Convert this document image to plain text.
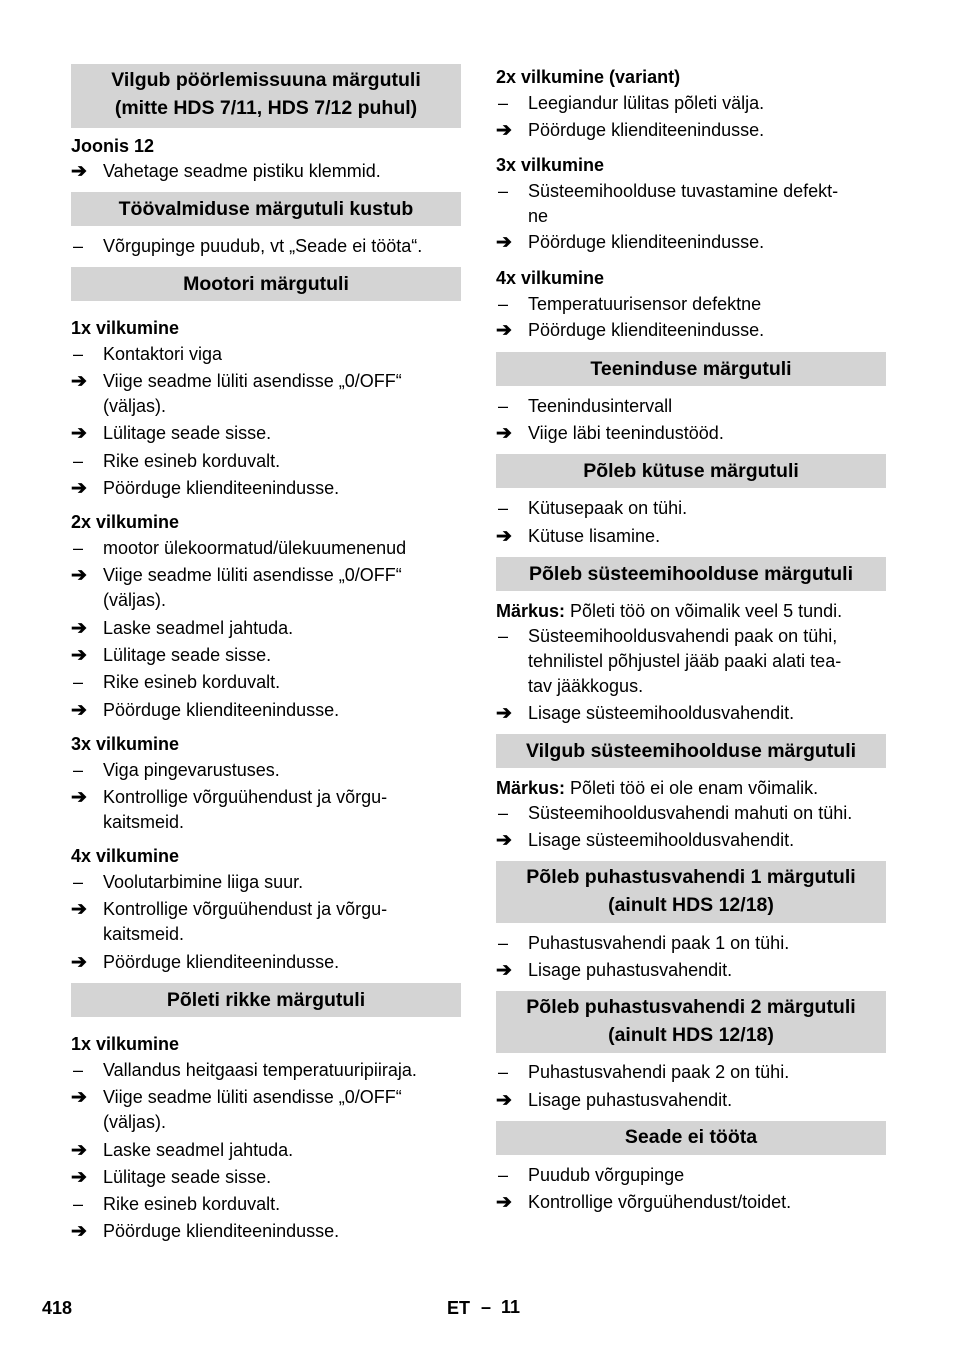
Vilgub pöörlemissuuna märgutuli
(mitte HDS 7/11, HDS 7/12 puhul)
Joonis 12
➔ Vahetage seadme pistiku klemmid.
Töövalmiduse märgutuli kustub
–	Võrgupinge puudub, vt „Seade ei tööta“.
Mootori märgutuli
1x vilkumine
–	Kontaktori viga
➔ Viige seadme lüliti asendisse „0/OFF“
(väljas).
➔ Lülitage seade sisse.
–	Rike esineb korduvalt.
➔ Pöörduge klienditeenindusse.
2x vilkumine
–	mootor ülekoormatud/ülekuumenenud
➔ Viige seadme lüliti asendisse „0/OFF“
(väljas).
➔ Laske seadmel jahtuda.
➔ Lülitage seade sisse.
–	Rike esineb korduvalt.
➔ Pöörduge klienditeenindusse.
3x vilkumine
–	Viga pingevarustuses.
➔ Kontrollige võrguühendust ja võrgu-
kaitsmeid.
4x vilkumine
–	Voolutarbimine liiga suur.
➔ Kontrollige võrguühendust ja võrgu-
kaitsmeid.
➔ Pöörduge klienditeenindusse.
Põleti rikke märgutuli
1x vilkumine
–	Vallandus heitgaasi temperatuuripiiraja.
➔ Viige seadme lüliti asendisse „0/OFF“
(väljas).
➔ Laske seadmel jahtuda.
➔ Lülitage seade sisse.
–	Rike esineb korduvalt.
➔ Pöörduge klienditeenindusse.
2x vilkumine (variant)
–	Leegiandur lülitas põleti välja.
➔ Pöörduge klienditeenindusse.
3x vilkumine
–	Süsteemihoolduse tuvastamine defekt-
ne
➔ Pöörduge klienditeenindusse.
4x vilkumine
–	Temperatuurisensor defektne
➔ Pöörduge klienditeenindusse.
Teeninduse märgutuli
–	Teenindusintervall
➔ Viige läbi teenindustööd.
Põleb kütuse märgutuli
–	Kütusepaak on tühi.
➔ Kütuse lisamine.
Põleb süsteemihoolduse märgutuli
Märkus: Põleti töö on võimalik veel 5 tundi.
–	Süsteemihooldusvahendi paak on tühi,
tehnilistel põhjustel jääb paaki alati tea-
tav jääkkogus.
➔ Lisage süsteemihooldusvahendit.
Vilgub süsteemihoolduse märgutuli
Märkus: Põleti töö ei ole enam võimalik.
–	Süsteemihooldusvahendi mahuti on tühi.
➔ Lisage süsteemihooldusvahendit.
Põleb puhastusvahendi 1 märgutuli
(ainult HDS 12/18)
–	Puhastusvahendi paak 1 on tühi.
➔ Lisage puhastusvahendit.
Põleb puhastusvahendi 2 märgutuli
(ainult HDS 12/18)
–	Puhastusvahendi paak 2 on tühi.
➔ Lisage puhastusvahendit.
Seade ei tööta
–	Puudub võrgupinge
➔ Kontrollige võrguühendust/toidet.
418	ET – 11
